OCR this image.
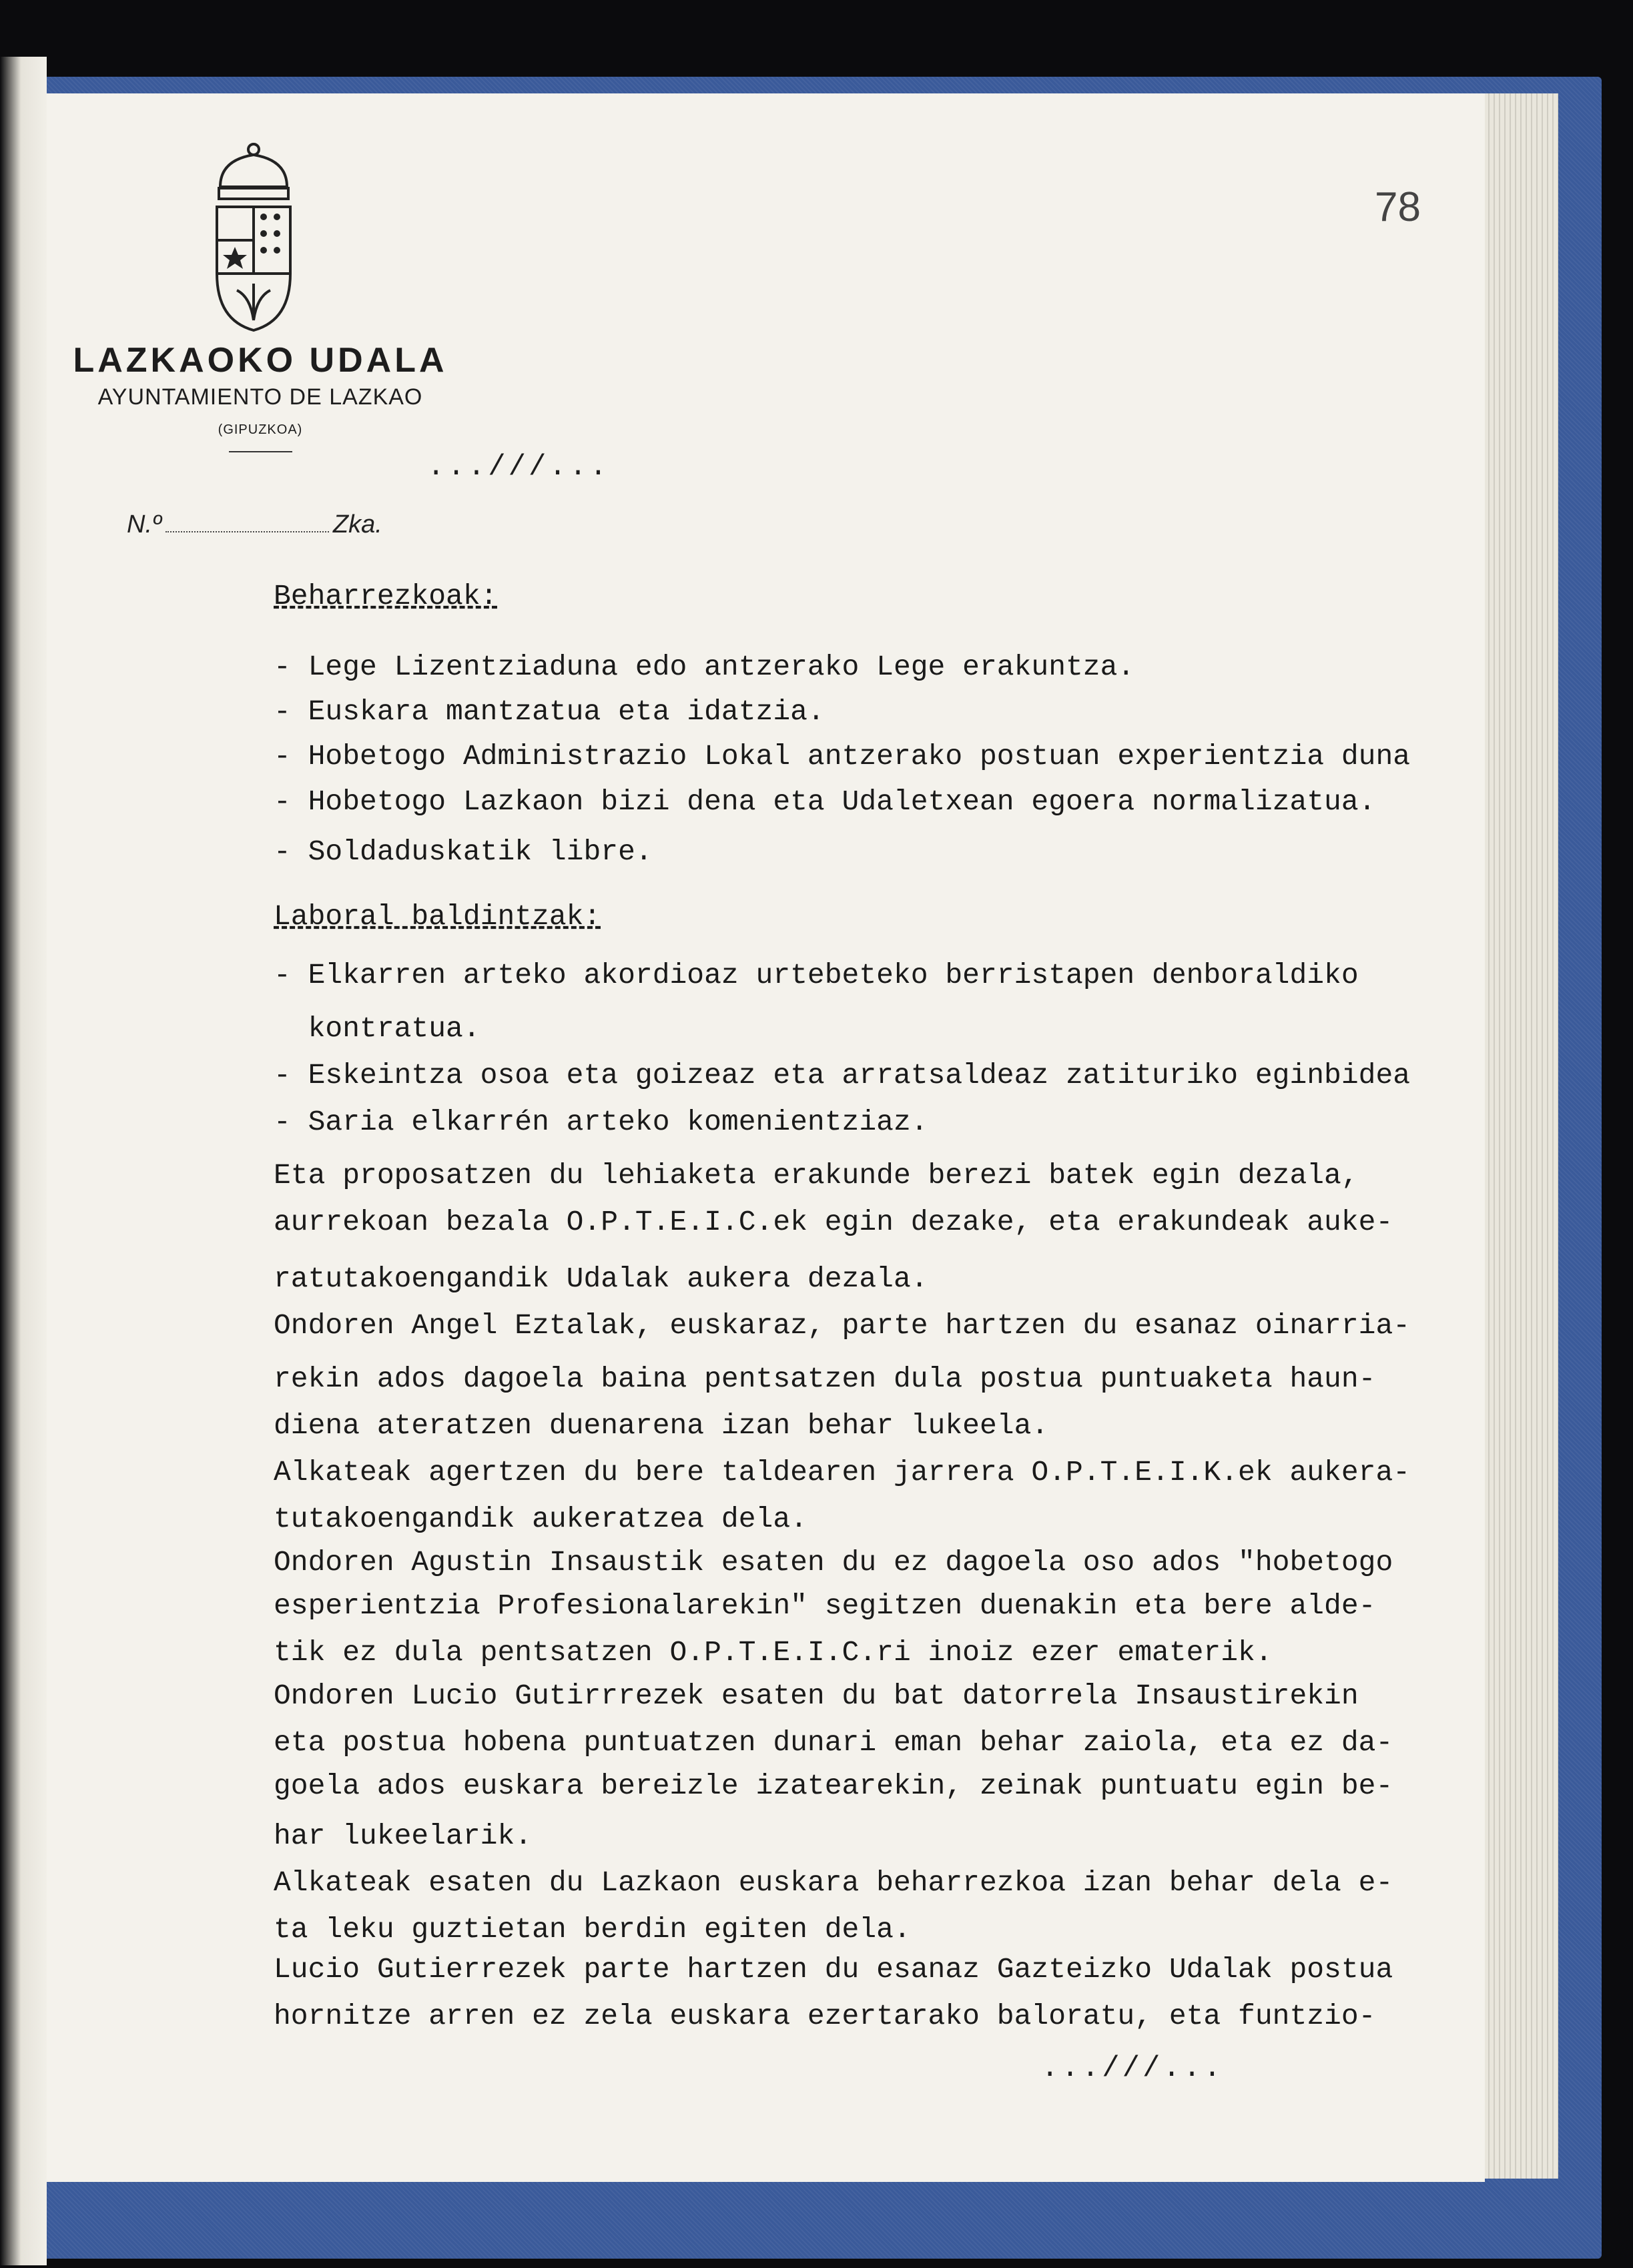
LAZKAOKO UDALA
AYUNTAMIENTO DE LAZKAO
(GIPUZKOA)
N.º	Zka.
78
...///...
Beharrezkoak:
- Lege Lizentziaduna edo antzerako Lege erakuntza.
- Euskara mantzatua eta idatzia.
- Hobetogo Administrazio Lokal antzerako postuan experientzia duna
- Hobetogo Lazkaon bizi dena eta Udaletxean egoera normalizatua.
- Soldaduskatik libre.
Laboral baldintzak:
- Elkarren arteko akordioaz urtebeteko berristapen denboraldiko
kontratua.
- Eskeintza osoa eta goizeaz eta arratsaldeaz zatituriko eginbidea
- Saria elkarrén arteko komenientziaz.
Eta proposatzen du lehiaketa erakunde berezi batek egin dezala,
aurrekoan bezala O.P.T.E.I.C.ek egin dezake, eta erakundeak auke-
ratutakoengandik Udalak aukera dezala.
Ondoren Angel Eztalak, euskaraz, parte hartzen du esanaz oinarria-
rekin ados dagoela baina pentsatzen dula postua puntuaketa haun-
diena ateratzen duenarena izan behar lukeela.
Alkateak agertzen du bere taldearen jarrera O.P.T.E.I.K.ek aukera-
tutakoengandik aukeratzea dela.
Ondoren Agustin Insaustik esaten du ez dagoela oso ados "hobetogo
esperientzia Profesionalarekin" segitzen duenakin eta bere alde-
tik ez dula pentsatzen O.P.T.E.I.C.ri inoiz ezer ematerik.
Ondoren Lucio Gutirrrezek esaten du bat datorrela Insaustirekin
eta postua hobena puntuatzen dunari eman behar zaiola, eta ez da-
goela ados euskara bereizle izatearekin, zeinak puntuatu egin be-
har lukeelarik.
Alkateak esaten du Lazkaon euskara beharrezkoa izan behar dela e-
ta leku guztietan berdin egiten dela.
Lucio Gutierrezek parte hartzen du esanaz Gazteizko Udalak postua
hornitze arren ez zela euskara ezertarako baloratu, eta funtzio-
...///...
